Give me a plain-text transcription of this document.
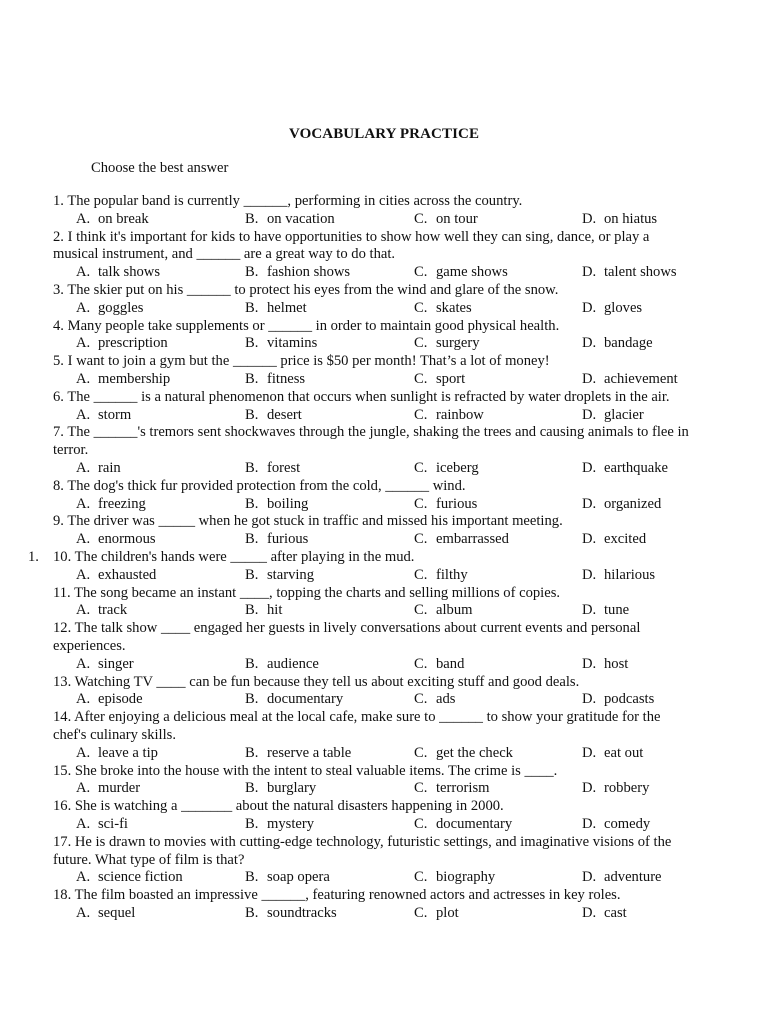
VOCABULARY PRACTICE
Choose the best answer
1. The popular band is currently ______, performing in cities across the country.
A. on break	B. on vacation	C. on tour	D. on hiatus
2. I think it's important for kids to have opportunities to show how well they can sing, dance, or play a
musical instrument, and ______ are a great way to do that.
A. talk shows	B. fashion shows	C. game shows	D. talent shows
3. The skier put on his ______ to protect his eyes from the wind and glare of the snow.
A. goggles	B. helmet	C. skates	D. gloves
4. Many people take supplements or ______ in order to maintain good physical health.
A. prescription	B. vitamins	C. surgery	D. bandage
5. I want to join a gym but the ______ price is $50 per month! That’s a lot of money!
A. membership	B. fitness	C. sport	D. achievement
6. The ______ is a natural phenomenon that occurs when sunlight is refracted by water droplets in the air.
A. storm	B. desert	C. rainbow	D. glacier
7. The ______'s tremors sent shockwaves through the jungle, shaking the trees and causing animals to flee in
terror.
A. rain	B. forest	C. iceberg	D. earthquake
8. The dog's thick fur provided protection from the cold, ______ wind.
A. freezing	B. boiling	C. furious	D. organized
9. The driver was _____ when he got stuck in traffic and missed his important meeting.
A. enormous	B. furious	C. embarrassed	D. excited
10. The children's hands were _____ after playing in the mud.
1.
A. exhausted	B. starving	C. filthy	D. hilarious
11. The song became an instant ____, topping the charts and selling millions of copies.
A. track	B. hit	C. album	D. tune
12. The talk show ____ engaged her guests in lively conversations about current events and personal
experiences.
A. singer	B. audience	C. band	D. host
13. Watching TV ____ can be fun because they tell us about exciting stuff and good deals.
A. episode	B. documentary	C. ads	D. podcasts
14. After enjoying a delicious meal at the local cafe, make sure to ______ to show your gratitude for the
chef's culinary skills.
A. leave a tip	B. reserve a table	C. get the check	D. eat out
15. She broke into the house with the intent to steal valuable items. The crime is ____.
A. murder	B. burglary	C. terrorism	D. robbery
16. She is watching a _______ about the natural disasters happening in 2000.
A. sci-fi	B. mystery	C. documentary	D. comedy
17. He is drawn to movies with cutting-edge technology, futuristic settings, and imaginative visions of the
future. What type of film is that?
A. science fiction	B. soap opera	C. biography	D. adventure
18. The film boasted an impressive ______, featuring renowned actors and actresses in key roles.
A. sequel	B. soundtracks	C. plot	D. cast
